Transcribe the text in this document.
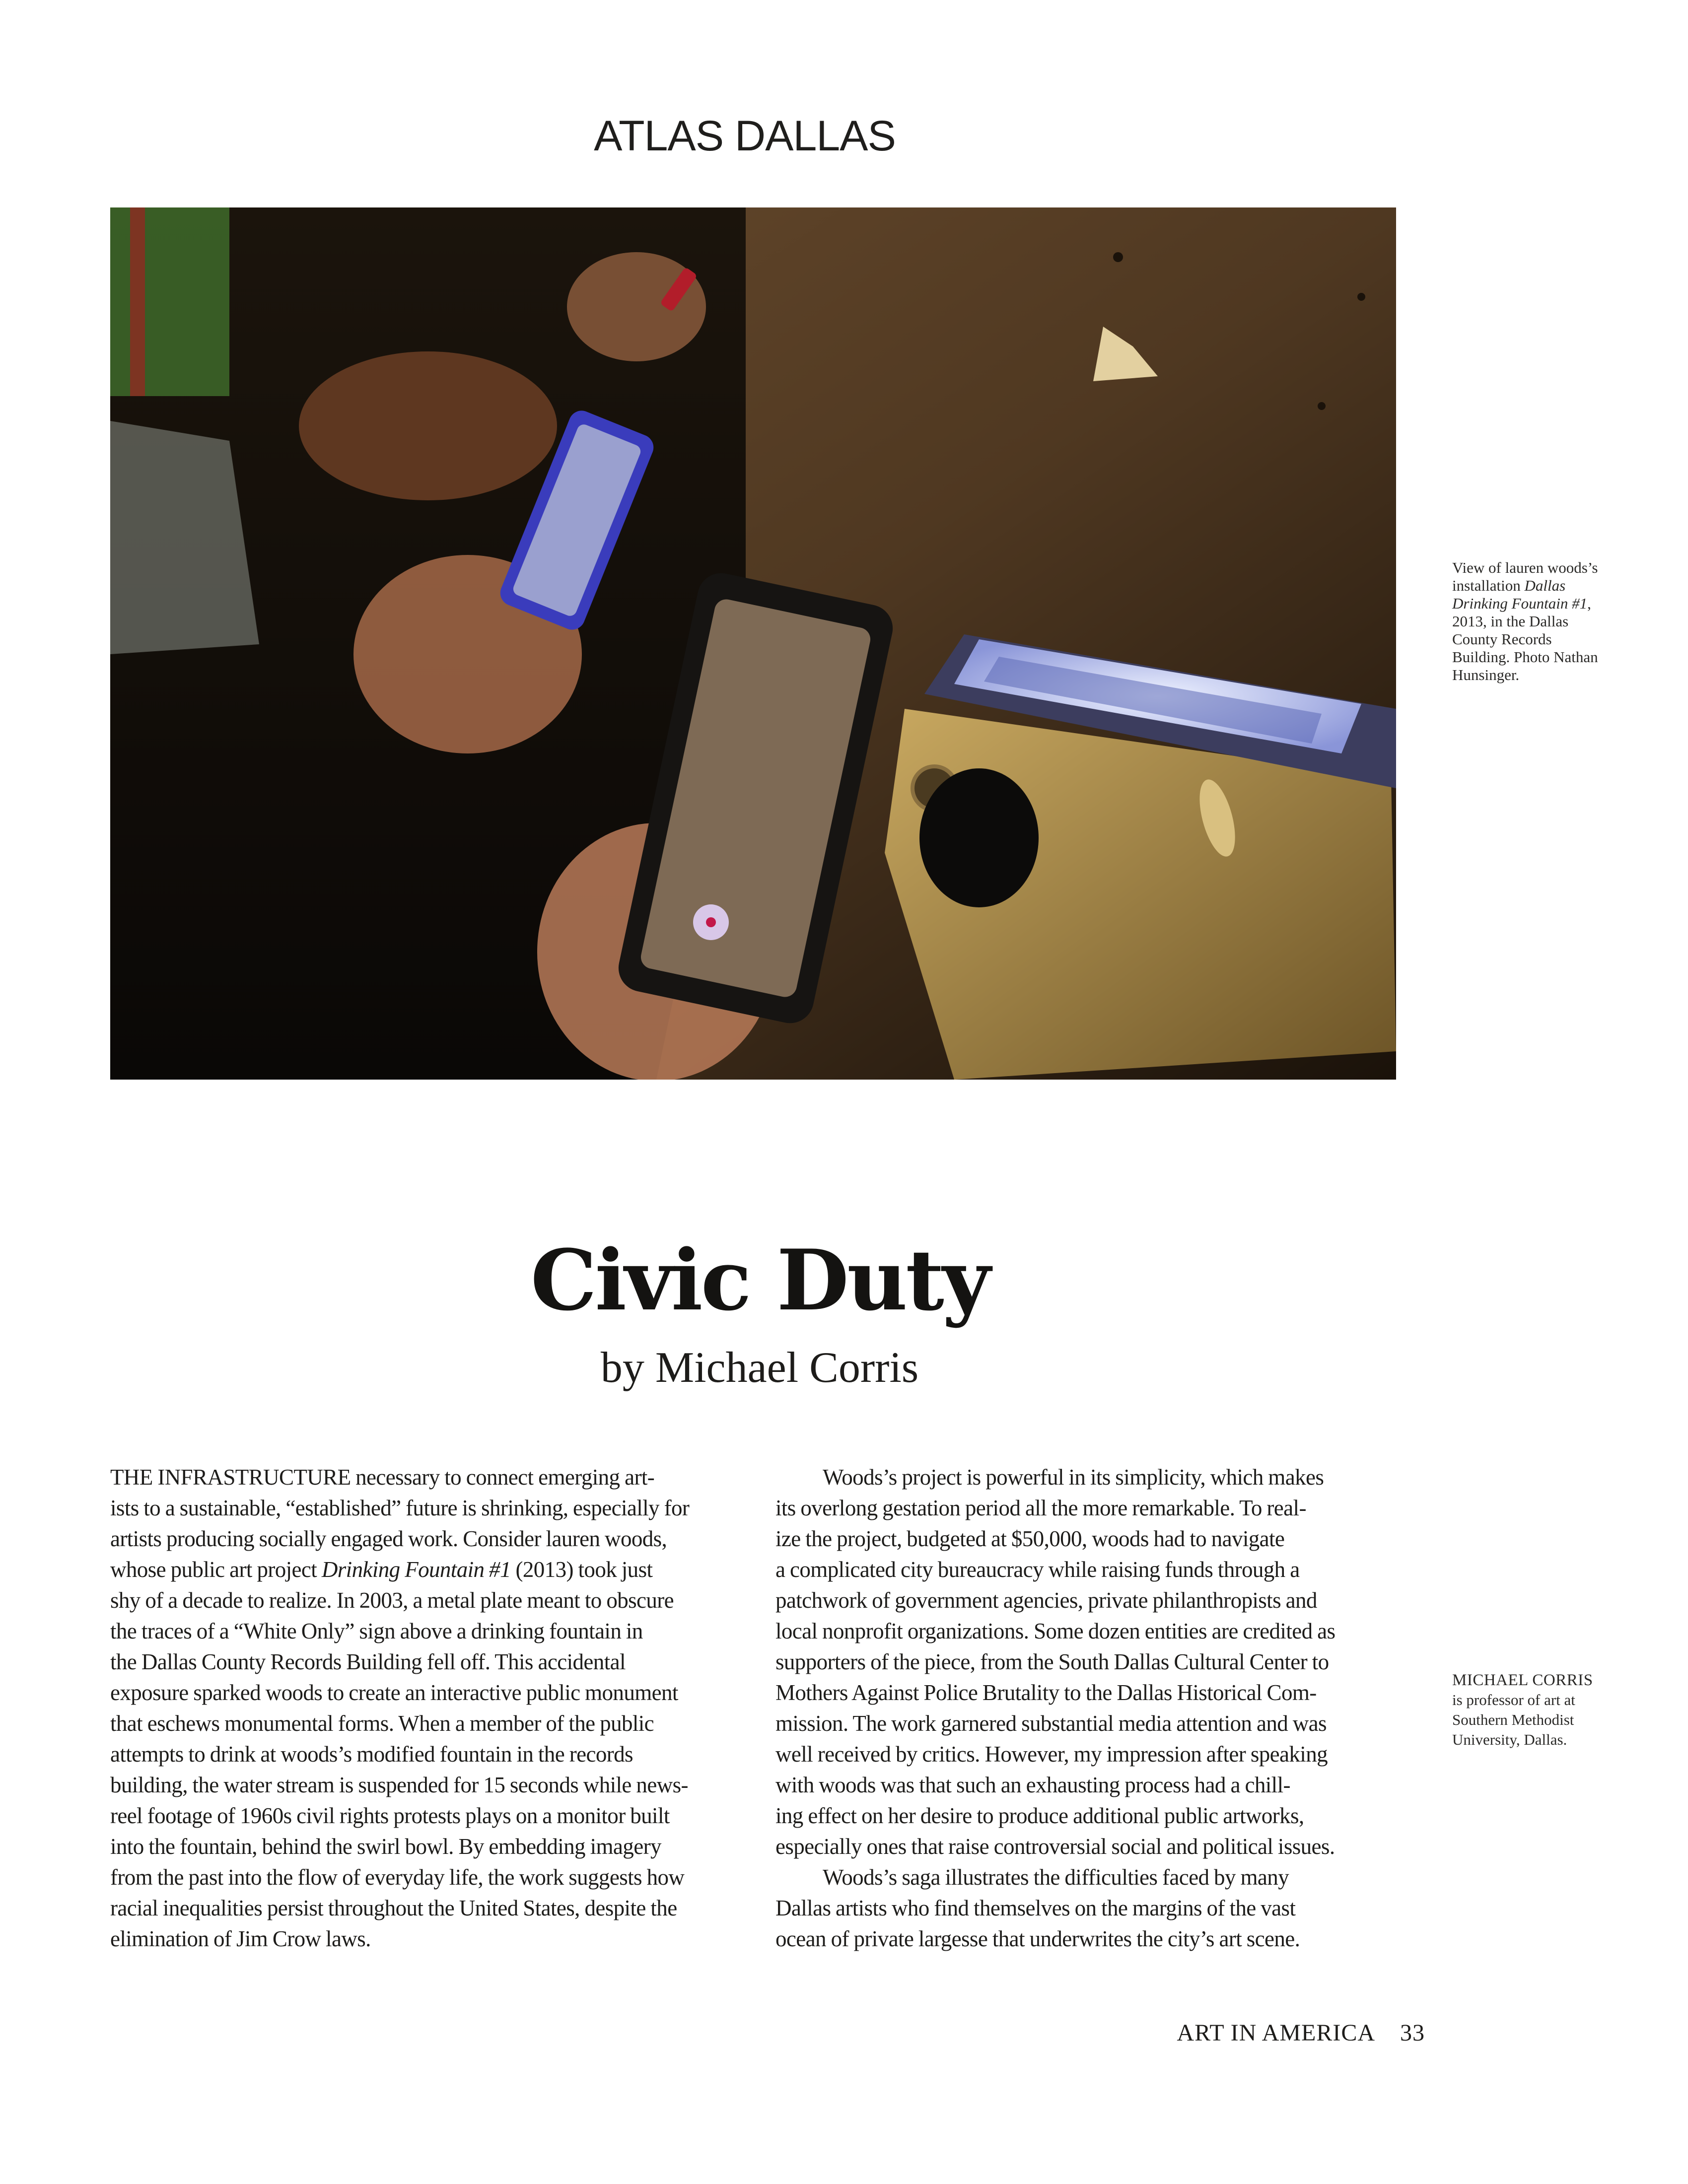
ATLAS DALLAS
View of lauren woods’s installation Dallas Drinking Fountain #1, 2013, in the Dallas County Records Building. Photo Nathan Hunsinger.
Civic Duty
by Michael Corris
THE INFRASTRUCTURE necessary to connect emerging art-
ists to a sustainable, “established” future is shrinking, especially for
artists producing socially engaged work. Consider lauren woods,
whose public art project Drinking Fountain #1 (2013) took just
shy of a decade to realize. In 2003, a metal plate meant to obscure
the traces of a “White Only” sign above a drinking fountain in
the Dallas County Records Building fell off. This accidental
exposure sparked woods to create an interactive public monument
that eschews monumental forms. When a member of the public
attempts to drink at woods’s modified fountain in the records
building, the water stream is suspended for 15 seconds while news-
reel footage of 1960s civil rights protests plays on a monitor built
into the fountain, behind the swirl bowl. By embedding imagery
from the past into the flow of everyday life, the work suggests how
racial inequalities persist throughout the United States, despite the
elimination of Jim Crow laws.
Woods’s project is powerful in its simplicity, which makes
its overlong gestation period all the more remarkable. To real-
ize the project, budgeted at $50,000, woods had to navigate
a complicated city bureaucracy while raising funds through a
patchwork of government agencies, private philanthropists and
local nonprofit organizations. Some dozen entities are credited as
supporters of the piece, from the South Dallas Cultural Center to
Mothers Against Police Brutality to the Dallas Historical Com-
mission. The work garnered substantial media attention and was
well received by critics. However, my impression after speaking
with woods was that such an exhausting process had a chill-
ing effect on her desire to produce additional public artworks,
especially ones that raise controversial social and political issues.
Woods’s saga illustrates the difficulties faced by many
Dallas artists who find themselves on the margins of the vast
ocean of private largesse that underwrites the city’s art scene.
MICHAEL CORRIS
is professor of art at
Southern Methodist
University, Dallas.
ART IN AMERICA 33
